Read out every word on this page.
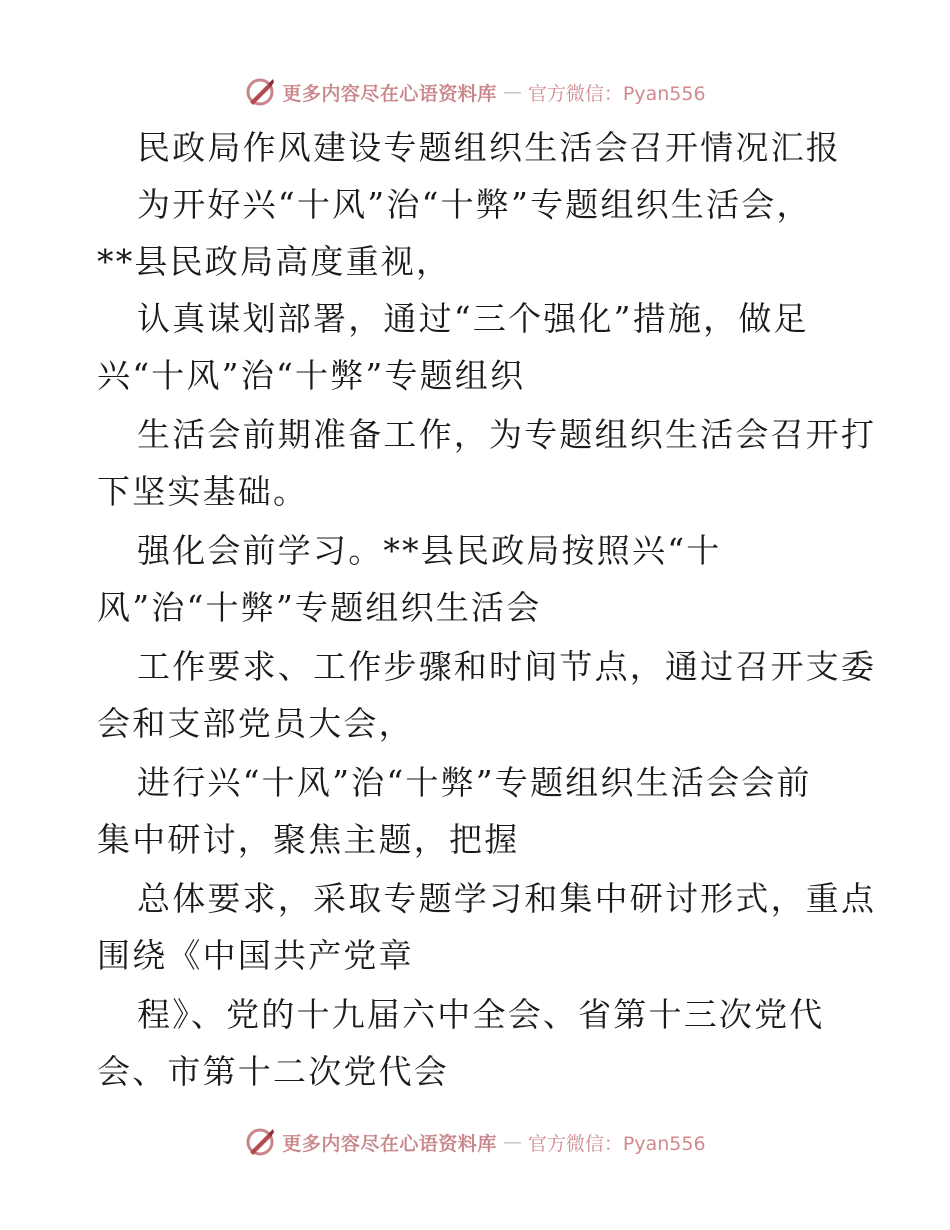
更多内容尽在心语资料库 — 官方微信：Pyan556
民政局作风建设专题组织生活会召开情况汇报
为开好兴“十风”治“十弊”专题组织生活会，
**县民政局高度重视，
认真谋划部署，通过“三个强化”措施，做足
兴“十风”治“十弊”专题组织
生活会前期准备工作，为专题组织生活会召开打
下坚实基础。
强化会前学习。**县民政局按照兴“十
风”治“十弊”专题组织生活会
工作要求、工作步骤和时间节点，通过召开支委
会和支部党员大会，
进行兴“十风”治“十弊”专题组织生活会会前
集中研讨，聚焦主题，把握
总体要求，采取专题学习和集中研讨形式，重点
围绕《中国共产党章
程》、党的十九届六中全会、省第十三次党代
会、市第十二次党代会
更多内容尽在心语资料库 — 官方微信：Pyan556
